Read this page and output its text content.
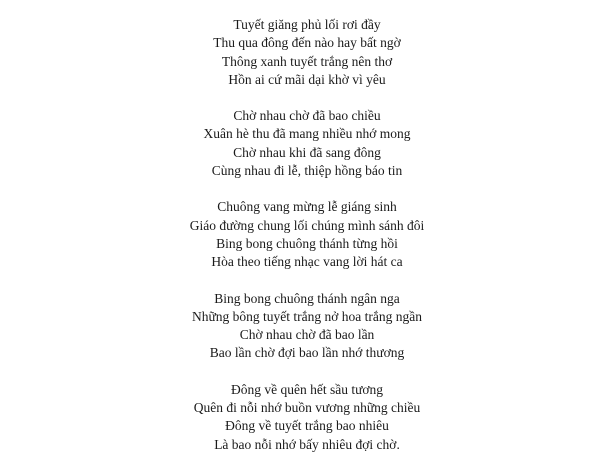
Tuyết giăng phủ lối rơi đầy
Thu qua đông đến nào hay bất ngờ
Thông xanh tuyết trắng nên thơ
Hồn ai cứ mãi dại khờ vì yêu
Chờ nhau chờ đã bao chiều
Xuân hè thu đã mang nhiều nhớ mong
Chờ nhau khi đã sang đông
Cùng nhau đi lễ, thiệp hồng báo tin
Chuông vang mừng lễ giáng sinh
Giáo đường chung lối chúng mình sánh đôi
Bing bong chuông thánh từng hồi
Hòa theo tiếng nhạc vang lời hát ca
Bing bong chuông thánh ngân nga
Những bông tuyết trắng nở hoa trắng ngần
Chờ nhau chờ đã bao lần
Bao lần chờ đợi bao lần nhớ thương
Đông về quên hết sầu tương
Quên đi nỗi nhớ buồn vương những chiều
Đông về tuyết trắng bao nhiêu
Là bao nỗi nhớ bấy nhiêu đợi chờ.
